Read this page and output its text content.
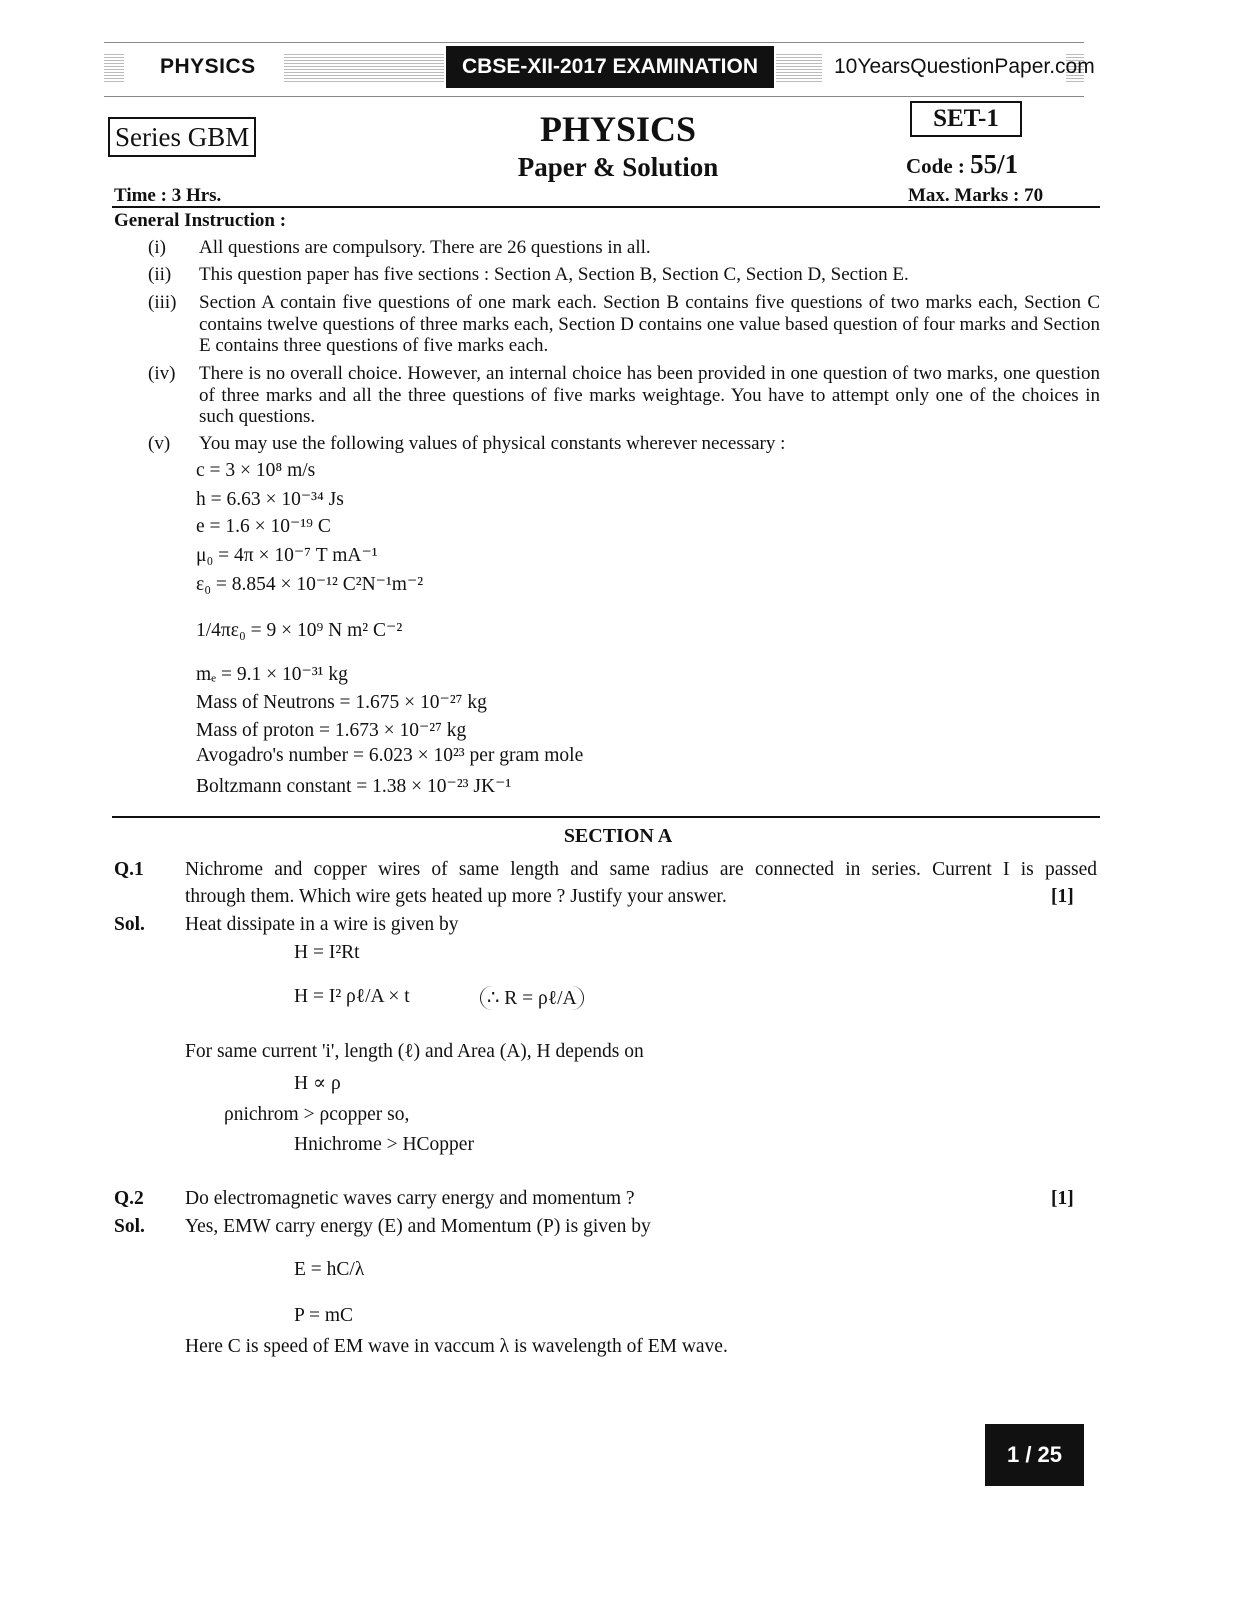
PHYSICS	CBSE-XII-2017 EXAMINATION	10YearsQuestionPaper.com
Series GBM	PHYSICS
Paper & Solution
SET-1
Code : 55/1
Time : 3 Hrs.	Max. Marks : 70
General Instruction :
(i) All questions are compulsory. There are 26 questions in all.
(ii) This question paper has five sections : Section A, Section B, Section C, Section D, Section E.
(iii) Section A contain five questions of one mark each. Section B contains five questions of two marks each, Section C contains twelve questions of three marks each, Section D contains one value based question of four marks and Section E contains three questions of five marks each.
(iv) There is no overall choice. However, an internal choice has been provided in one question of two marks, one question of three marks and all the three questions of five marks weightage. You have to attempt only one of the choices in such questions.
(v) You may use the following values of physical constants wherever necessary :
c = 3 × 10⁸ m/s
h = 6.63 × 10⁻³⁴ Js
e = 1.6 × 10⁻¹⁹ C
μ₀ = 4π × 10⁻⁷ T mA⁻¹
ε₀ = 8.854 × 10⁻¹² C²N⁻¹m⁻²
1/4πε₀ = 9 × 10⁹ N m² C⁻²
mₑ = 9.1 × 10⁻³¹ kg
Mass of Neutrons = 1.675 × 10⁻²⁷ kg
Mass of proton = 1.673 × 10⁻²⁷ kg
Avogadro's number = 6.023 × 10²³ per gram mole
Boltzmann constant = 1.38 × 10⁻²³ JK⁻¹
SECTION A
Q.1 Nichrome and copper wires of same length and same radius are connected in series. Current I is passed
through them. Which wire gets heated up more ? Justify your answer.	[1]
Sol. Heat dissipate in a wire is given by
H = I²Rt
H = I² ρℓ/A × t	∴ R = ρℓ/A
For same current 'i', length (ℓ) and Area (A), H depends on
H ∝ ρ
ρnichrom > ρcopper so,
Hnichrome > HCopper
Q.2 Do electromagnetic waves carry energy and momentum ?	[1]
Sol. Yes, EMW carry energy (E) and Momentum (P) is given by
E = hC/λ
P = mC
Here C is speed of EM wave in vaccum λ is wavelength of EM wave.
1 / 25
